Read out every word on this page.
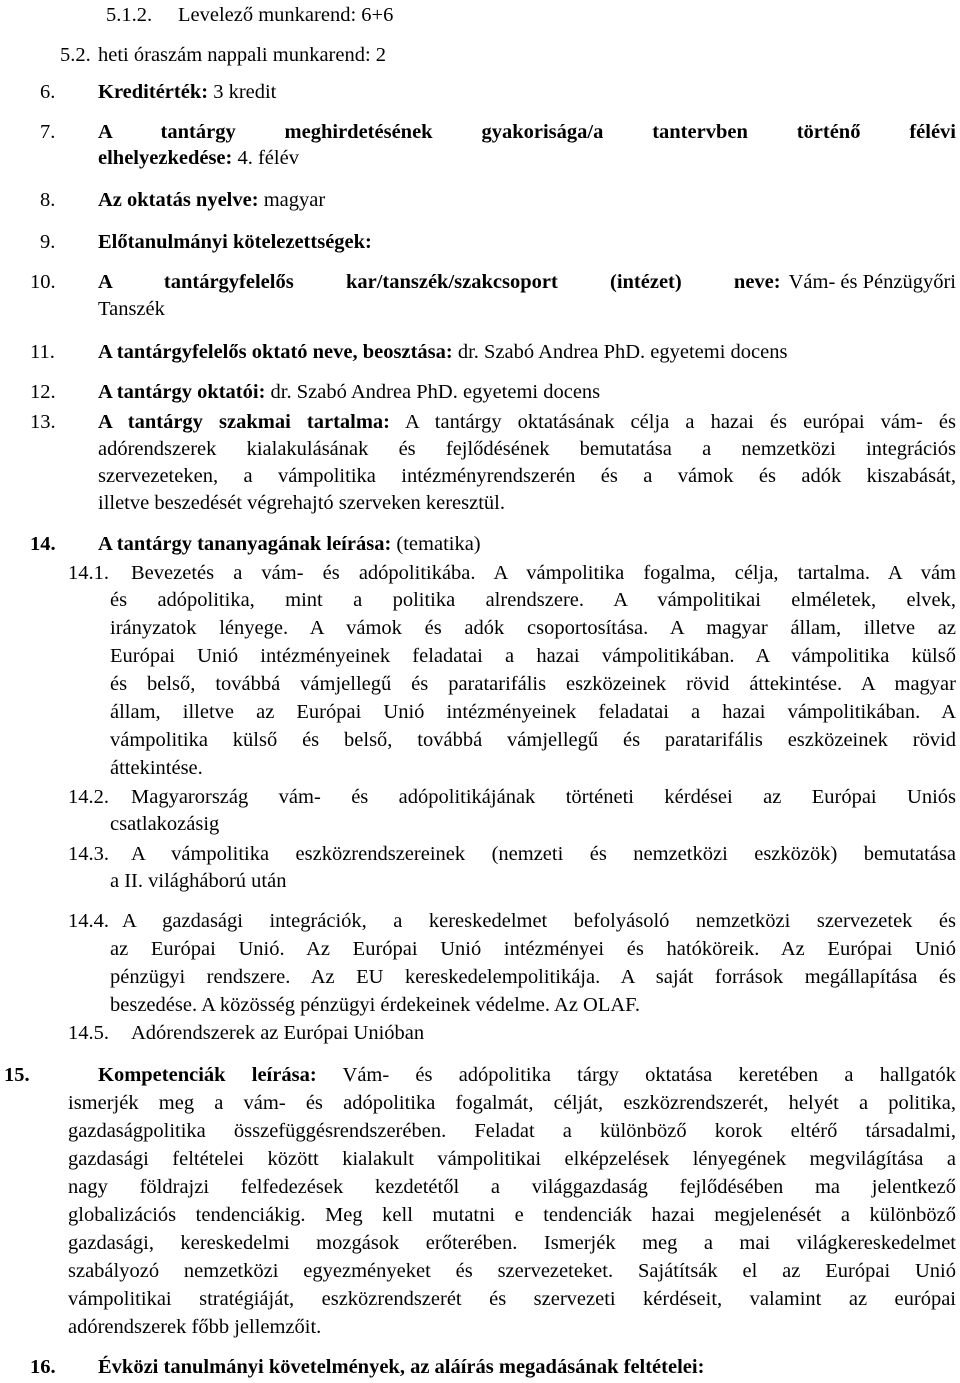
5.1.2. Levelező munkarend: 6+6
5.2. heti óraszám nappali munkarend: 2
6. Kreditérték: 3 kredit
7. A tantárgy meghirdetésének gyakorisága/a tantervben történő félévi
elhelyezkedése: 4. félév
8. Az oktatás nyelve: magyar
9. Előtanulmányi kötelezettségek:
10. A tantárgyfelelős kar/tanszék/szakcsoport (intézet) neve: Vám- és Pénzügyőri
Tanszék
11. A tantárgyfelelős oktató neve, beosztása: dr. Szabó Andrea PhD. egyetemi docens
12. A tantárgy oktatói: dr. Szabó Andrea PhD. egyetemi docens
13. A tantárgy szakmai tartalma: A tantárgy oktatásának célja a hazai és európai vám- és
adórendszerek kialakulásának és fejlődésének bemutatása a nemzetközi integrációs
szervezeteken, a vámpolitika intézményrendszerén és a vámok és adók kiszabását,
illetve beszedését végrehajtó szerveken keresztül.
14. A tantárgy tananyagának leírása: (tematika)
14.1. Bevezetés a vám- és adópolitikába. A vámpolitika fogalma, célja, tartalma. A vám
és adópolitika, mint a politika alrendszere. A vámpolitikai elméletek, elvek,
irányzatok lényege. A vámok és adók csoportosítása. A magyar állam, illetve az
Európai Unió intézményeinek feladatai a hazai vámpolitikában. A vámpolitika külső
és belső, továbbá vámjellegű és paratarifális eszközeinek rövid áttekintése. A magyar
állam, illetve az Európai Unió intézményeinek feladatai a hazai vámpolitikában. A
vámpolitika külső és belső, továbbá vámjellegű és paratarifális eszközeinek rövid
áttekintése.
14.2. Magyarország vám- és adópolitikájának történeti kérdései az Európai Uniós
csatlakozásig
14.3. A vámpolitika eszközrendszereinek (nemzeti és nemzetközi eszközök) bemutatása
a II. világháború után
14.4. A gazdasági integrációk, a kereskedelmet befolyásoló nemzetközi szervezetek és
az Európai Unió. Az Európai Unió intézményei és hatóköreik. Az Európai Unió
pénzügyi rendszere. Az EU kereskedelempolitikája. A saját források megállapítása és
beszedése. A közösség pénzügyi érdekeinek védelme. Az OLAF.
14.5. Adórendszerek az Európai Unióban
15.	Kompetenciák leírása: Vám- és adópolitika tárgy oktatása keretében a hallgatók
ismerjék meg a vám- és adópolitika fogalmát, célját, eszközrendszerét, helyét a politika,
gazdaságpolitika összefüggésrendszerében. Feladat a különböző korok eltérő társadalmi,
gazdasági feltételei között kialakult vámpolitikai elképzelések lényegének megvilágítása a
nagy földrajzi felfedezések kezdetétől a világgazdaság fejlődésében ma jelentkező
globalizációs tendenciákig. Meg kell mutatni e tendenciák hazai megjelenését a különböző
gazdasági, kereskedelmi mozgások erőterében. Ismerjék meg a mai világkereskedelmet
szabályozó nemzetközi egyezményeket és szervezeteket. Sajátítsák el az Európai Unió
vámpolitikai stratégiáját, eszközrendszerét és szervezeti kérdéseit, valamint az európai
adórendszerek főbb jellemzőit.
16. Évközi tanulmányi követelmények, az aláírás megadásának feltételei:
